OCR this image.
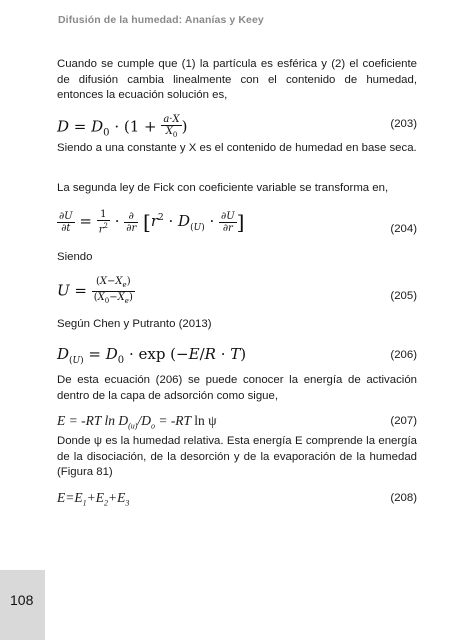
Difusión de la humedad: Ananías y Keey
Cuando se cumple que (1) la partícula es esférica y (2) el coeficiente de difusión cambia linealmente con el contenido de humedad, entonces la ecuación solución es,
$D = D_0 \cdot (1 + \frac{a\cdot X}{X_0}$ )	(203)
Siendo a una constante y X es el contenido de humedad en base seca.
La segunda ley de Fick con coeficiente variable se transforma en,
$\frac{\partial U}{\partial t} = \frac{1}{r^2} \cdot \frac{\partial}{\partial r} [r^2 \cdot D_{(U)} \cdot \frac{\partial U}{\partial r}$ ]	(204)
Siendo
$U = \frac{(X-X_e)}{(X_0-X_e)}$	(205)
Según Chen y Putranto (2013)
$D_{(U)} = D_0 \cdot \exp (-E/R \cdot T)$	(206)
De esta ecuación (206) se puede conocer la energía de activación dentro de la capa de adsorción como sigue,
E = -RT $\ln D_{(u)}/D_o = -RT$ ln ψ	(207)
Donde ψ es la humedad relativa. Esta energía E comprende la energía de la disociación, de la desorción y de la evaporación de la humedad (Figura 81)
$E=E_1+E_2+E_3$	(208)
108
